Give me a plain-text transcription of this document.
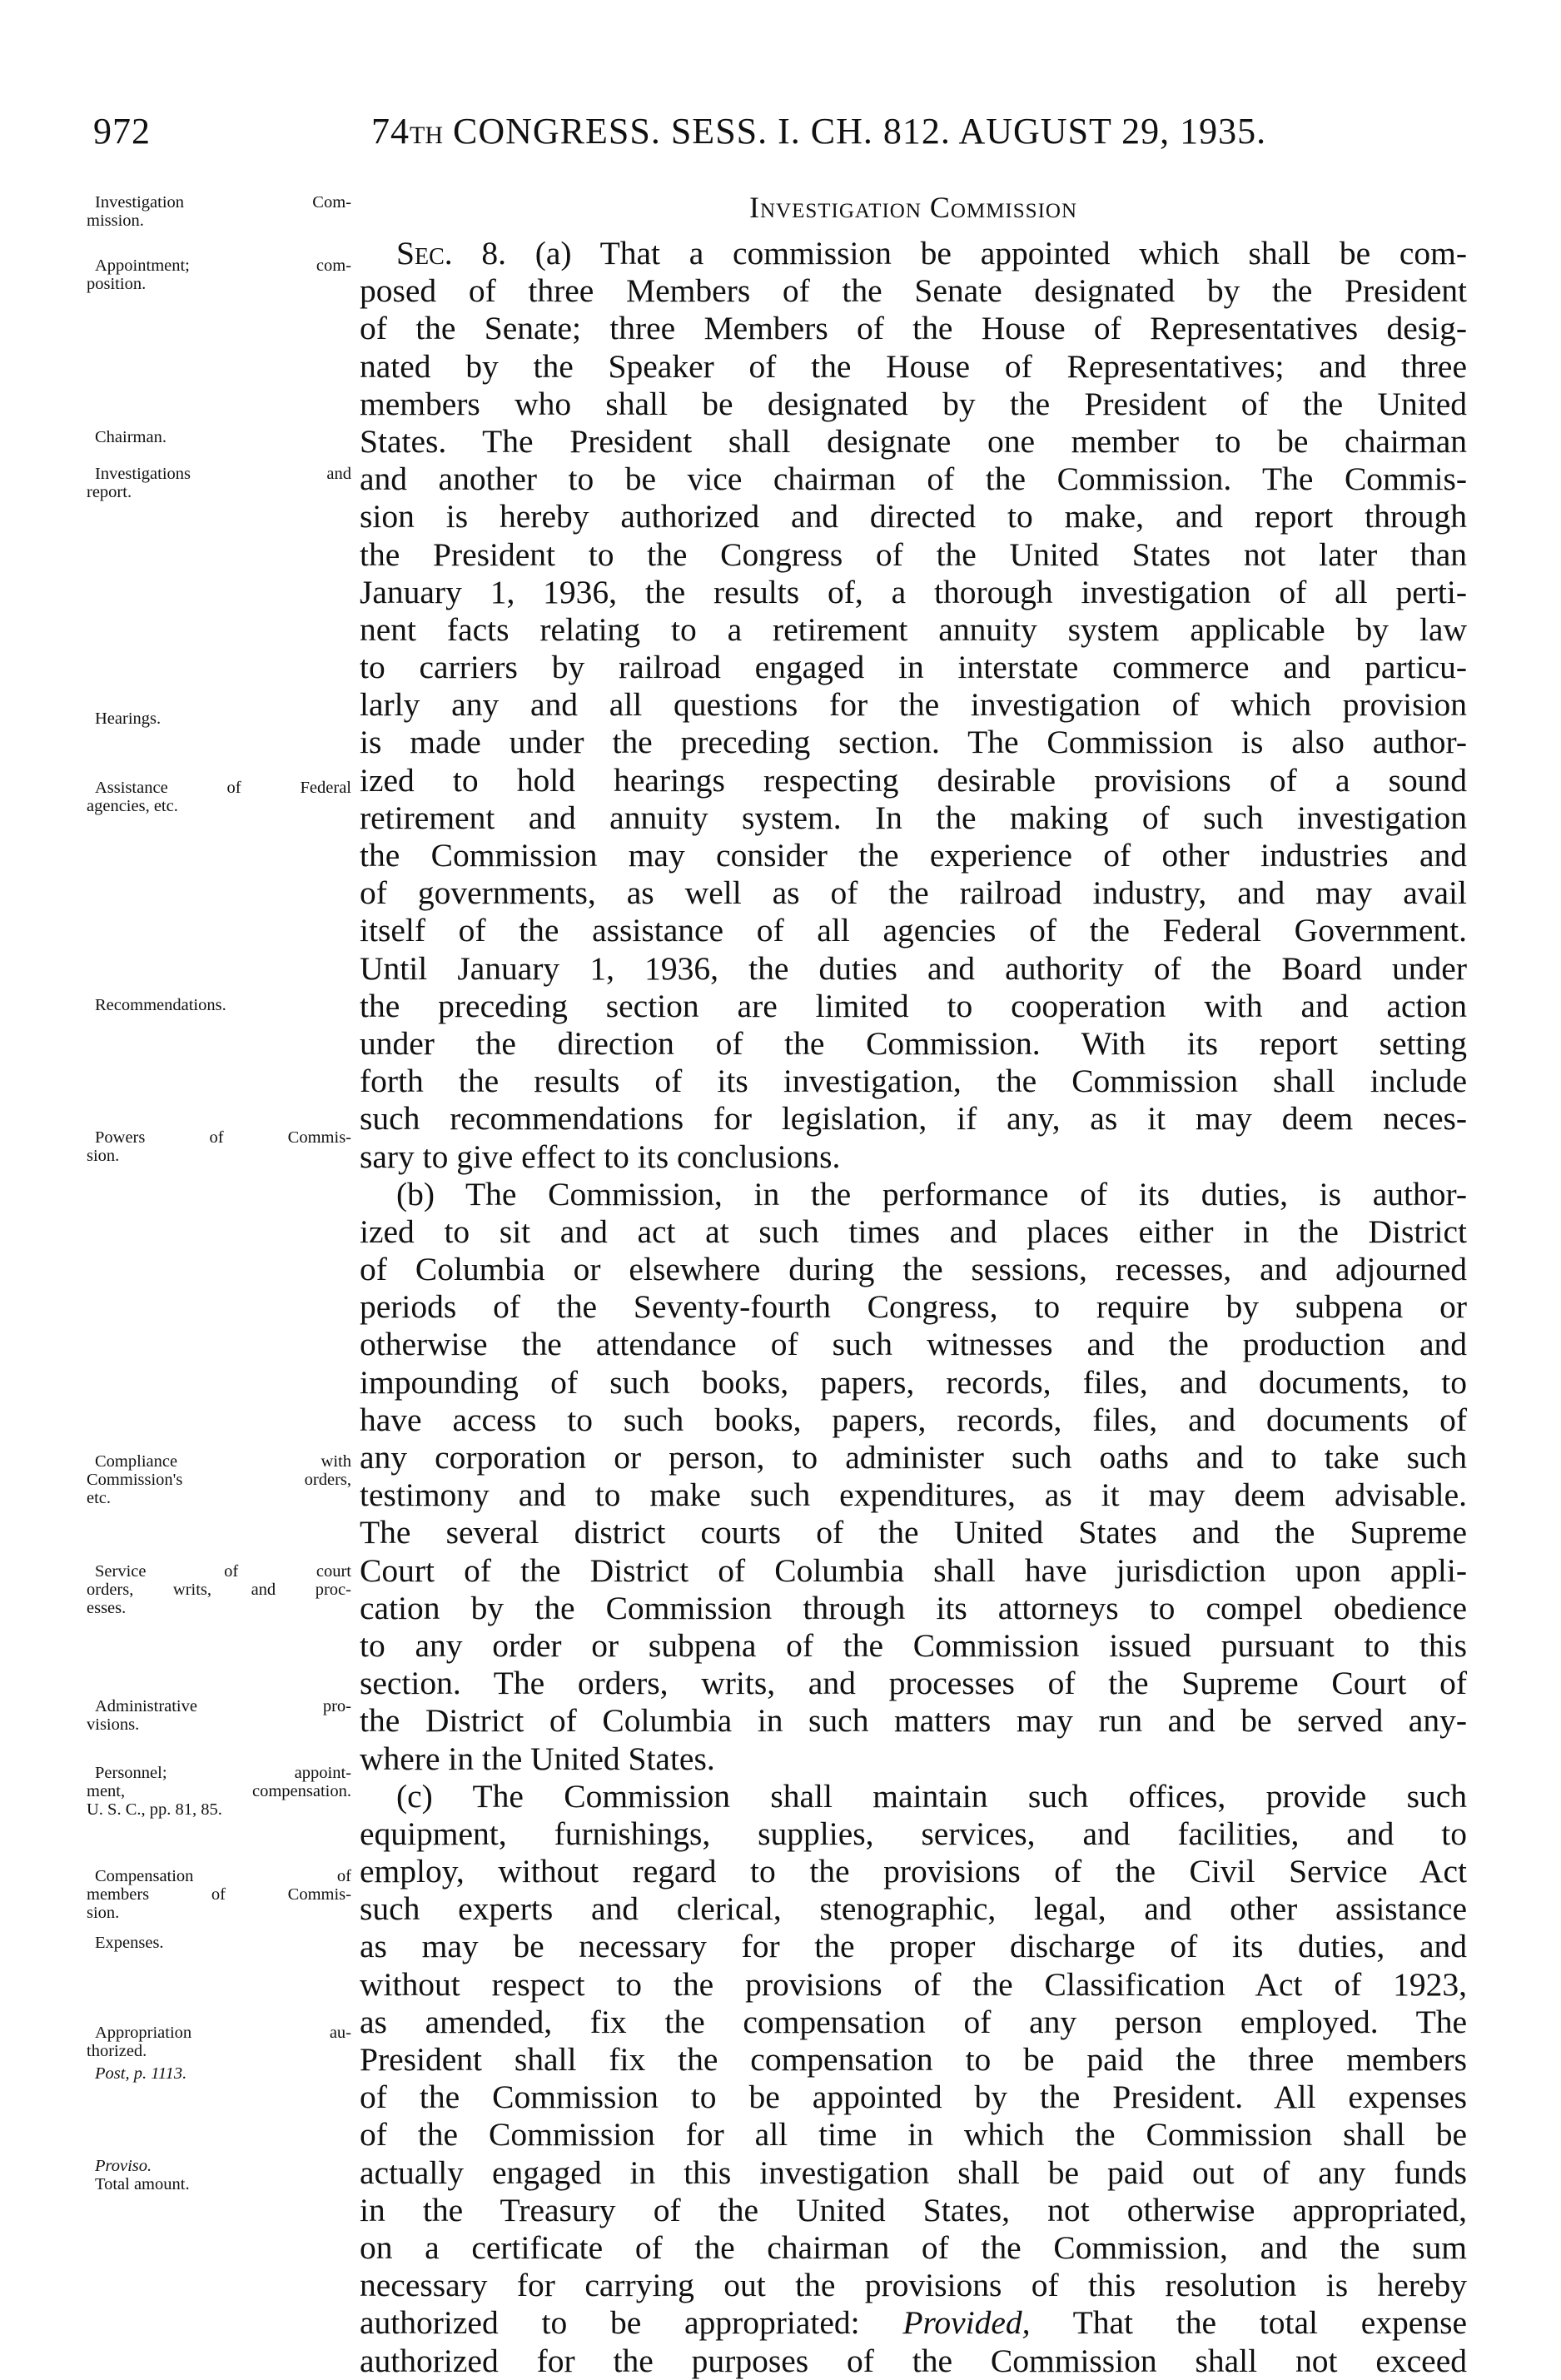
972	74TH CONGRESS. SESS. I. CH. 812. AUGUST 29, 1935.
Investigation Commission
Investigation Com-
mission.
Appointment; com-
position.
Chairman.
Investigations and
report.
Hearings.
Assistance of Federal
agencies, etc.
Recommendations.
Powers of Commis-
sion.
Compliance with
Commission's orders,
etc.
Service of court
orders, writs, and proc-
esses.
Administrative pro-
visions.
Personnel; appoint-
ment, compensation.
U. S. C., pp. 81, 85.
Compensation of
members of Commis-
sion.
Expenses.
Appropriation au-
thorized.
Post, p. 1113.
Proviso.
Total amount.
Sec. 8. (a) That a commission be appointed which shall be com-
posed of three Members of the Senate designated by the President
of the Senate; three Members of the House of Representatives desig-
nated by the Speaker of the House of Representatives; and three
members who shall be designated by the President of the United
States. The President shall designate one member to be chairman
and another to be vice chairman of the Commission. The Commis-
sion is hereby authorized and directed to make, and report through
the President to the Congress of the United States not later than
January 1, 1936, the results of, a thorough investigation of all perti-
nent facts relating to a retirement annuity system applicable by law
to carriers by railroad engaged in interstate commerce and particu-
larly any and all questions for the investigation of which provision
is made under the preceding section. The Commission is also author-
ized to hold hearings respecting desirable provisions of a sound
retirement and annuity system. In the making of such investigation
the Commission may consider the experience of other industries and
of governments, as well as of the railroad industry, and may avail
itself of the assistance of all agencies of the Federal Government.
Until January 1, 1936, the duties and authority of the Board under
the preceding section are limited to cooperation with and action
under the direction of the Commission. With its report setting
forth the results of its investigation, the Commission shall include
such recommendations for legislation, if any, as it may deem neces-
sary to give effect to its conclusions.
(b) The Commission, in the performance of its duties, is author-
ized to sit and act at such times and places either in the District
of Columbia or elsewhere during the sessions, recesses, and adjourned
periods of the Seventy-fourth Congress, to require by subpena or
otherwise the attendance of such witnesses and the production and
impounding of such books, papers, records, files, and documents, to
have access to such books, papers, records, files, and documents of
any corporation or person, to administer such oaths and to take such
testimony and to make such expenditures, as it may deem advisable.
The several district courts of the United States and the Supreme
Court of the District of Columbia shall have jurisdiction upon appli-
cation by the Commission through its attorneys to compel obedience
to any order or subpena of the Commission issued pursuant to this
section. The orders, writs, and processes of the Supreme Court of
the District of Columbia in such matters may run and be served any-
where in the United States.
(c) The Commission shall maintain such offices, provide such
equipment, furnishings, supplies, services, and facilities, and to
employ, without regard to the provisions of the Civil Service Act
such experts and clerical, stenographic, legal, and other assistance
as may be necessary for the proper discharge of its duties, and
without respect to the provisions of the Classification Act of 1923,
as amended, fix the compensation of any person employed. The
President shall fix the compensation to be paid the three members
of the Commission to be appointed by the President. All expenses
of the Commission for all time in which the Commission shall be
actually engaged in this investigation shall be paid out of any funds
in the Treasury of the United States, not otherwise appropriated,
on a certificate of the chairman of the Commission, and the sum
necessary for carrying out the provisions of this resolution is hereby
authorized to be appropriated: Provided, That the total expense
authorized for the purposes of the Commission shall not exceed
